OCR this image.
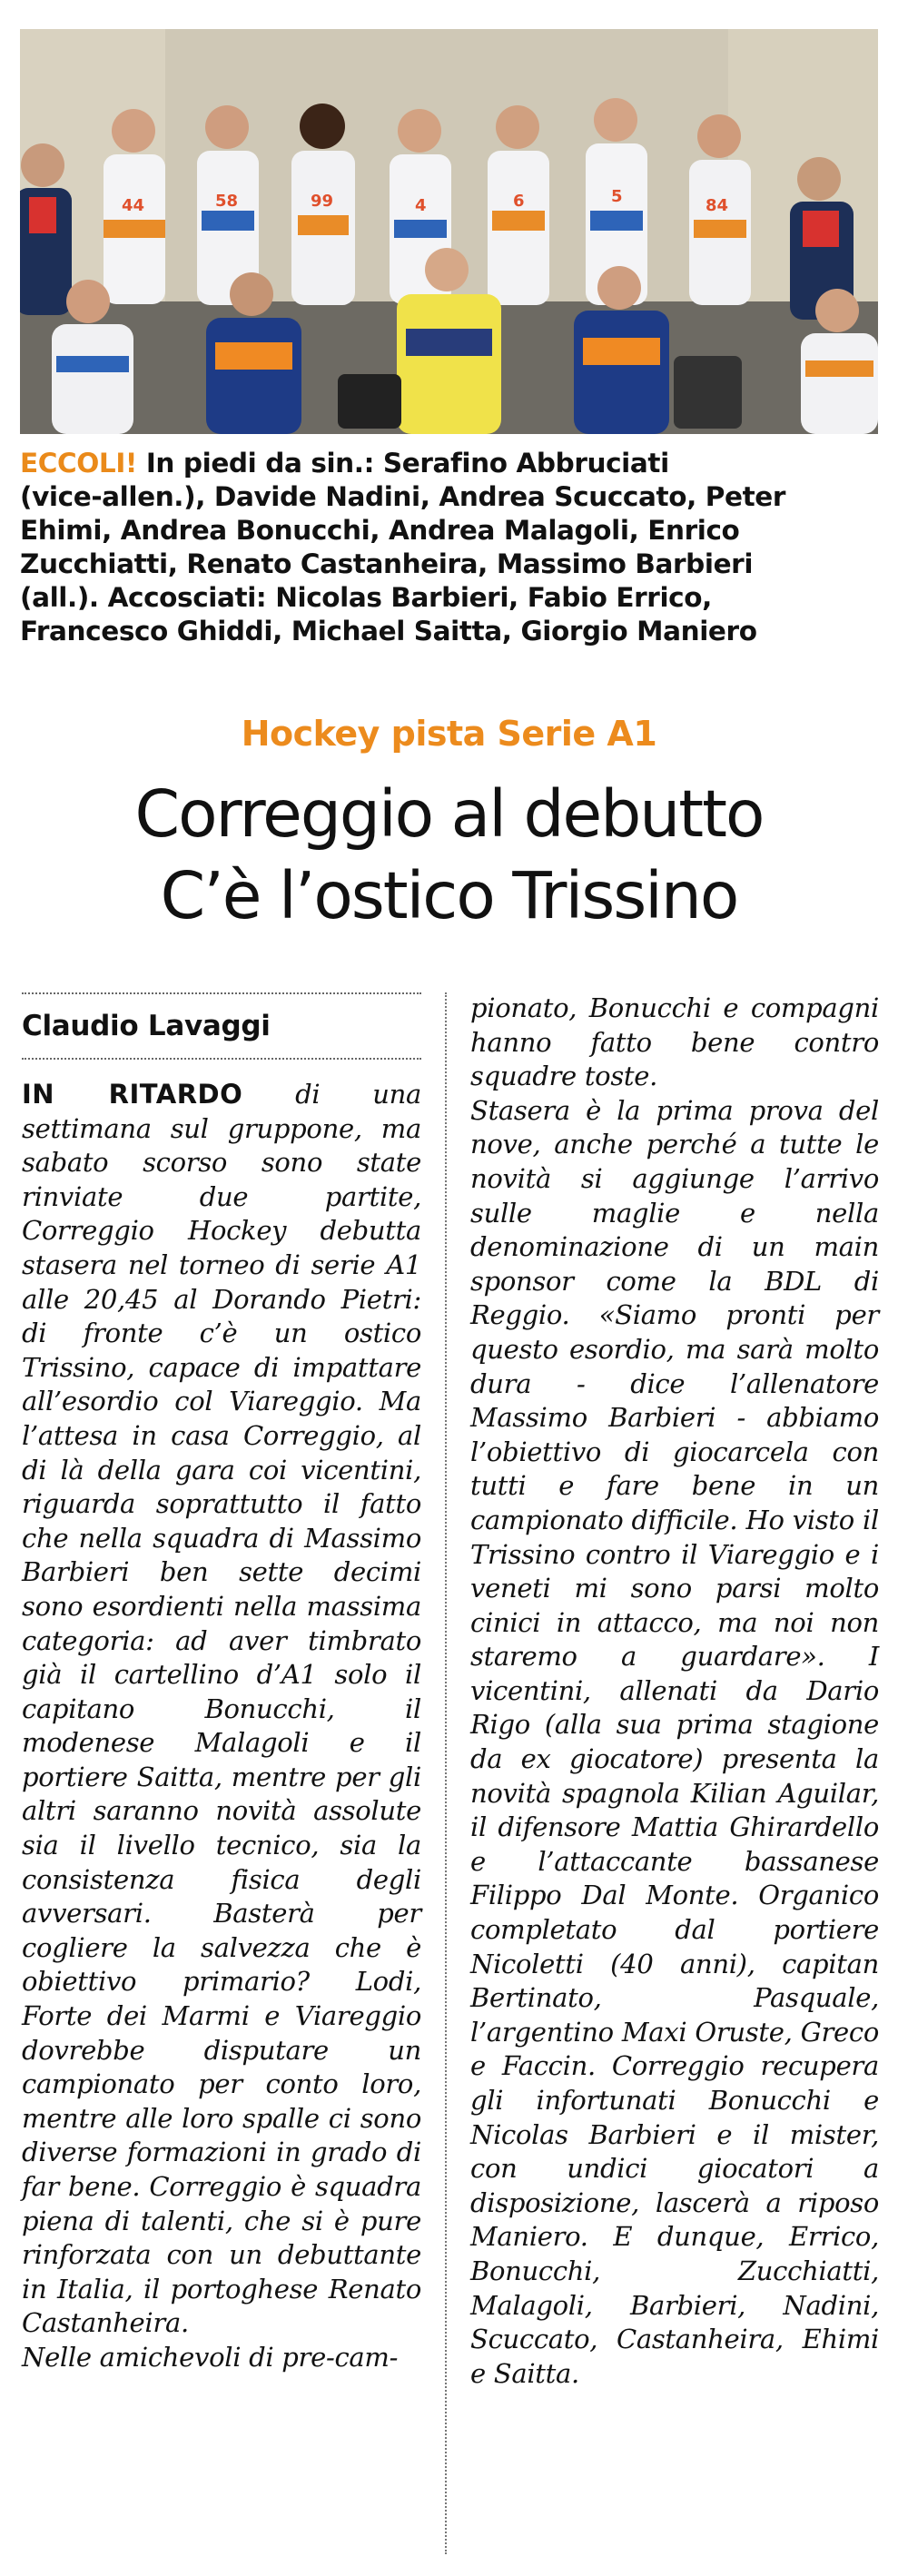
44	58	99	4	6	5	84
ECCOLI! In piedi da sin.: Serafino Abbruciati
(vice-allen.), Davide Nadini, Andrea Scuccato, Peter
Ehimi, Andrea Bonucchi, Andrea Malagoli, Enrico
Zucchiatti, Renato Castanheira, Massimo Barbieri
(all.). Accosciati: Nicolas Barbieri, Fabio Errico,
Francesco Ghiddi, Michael Saitta, Giorgio Maniero
Hockey pista Serie A1
Correggio al debutto
C’è l’ostico Trissino
Claudio Lavaggi

IN RITARDO di una settimana sul gruppone, ma sabato scorso sono state rinviate due partite, Correggio Hockey debutta stasera nel torneo di serie A1 alle 20,45 al Dorando Pietri: di fronte c’è un ostico Trissino, capace di impattare all’esordio col Viareggio. Ma l’attesa in casa Correggio, al di là della gara coi vicentini, riguarda soprattutto il fatto che nella squadra di Massimo Barbieri ben sette decimi sono esordienti nella massima categoria: ad aver timbrato già il cartellino d’A1 solo il capitano Bonucchi, il modenese Malagoli e il portiere Saitta, mentre per gli altri saranno novità assolute sia il livello tecnico, sia la consistenza fisica degli avversari. Basterà per cogliere la salvezza che è obiettivo primario? Lodi, Forte dei Marmi e Viareggio dovrebbe disputare un campionato per conto loro, mentre alle loro spalle ci sono diverse formazioni in grado di far bene. Correggio è squadra piena di talenti, che si è pure rinforzata con un debuttante in Italia, il portoghese Renato Castanheira.

Nelle amichevoli di pre-cam-

pionato, Bonucchi e compagni hanno fatto bene contro squadre toste.

Stasera è la prima prova del nove, anche perché a tutte le novità si aggiunge l’arrivo sulle maglie e nella denominazione di un main sponsor come la BDL di Reggio. «Siamo pronti per questo esordio, ma sarà molto dura - dice l’allenatore Massimo Barbieri - abbiamo l’obiettivo di giocarcela con tutti e fare bene in un campionato difficile. Ho visto il Trissino contro il Viareggio e i veneti mi sono parsi molto cinici in attacco, ma noi non staremo a guardare». I vicentini, allenati da Dario Rigo (alla sua prima stagione da ex giocatore) presenta la novità spagnola Kilian Aguilar, il difensore Mattia Ghirardello e l’attaccante bassanese Filippo Dal Monte. Organico completato dal portiere Nicoletti (40 anni), capitan Bertinato, Pasquale, l’argentino Maxi Oruste, Greco e Faccin. Correggio recupera gli infortunati Bonucchi e Nicolas Barbieri e il mister, con undici giocatori a disposizione, lascerà a riposo Maniero. E dunque, Errico, Bonucchi, Zucchiatti, Malagoli, Barbieri, Nadini, Scuccato, Castanheira, Ehimi e Saitta.
